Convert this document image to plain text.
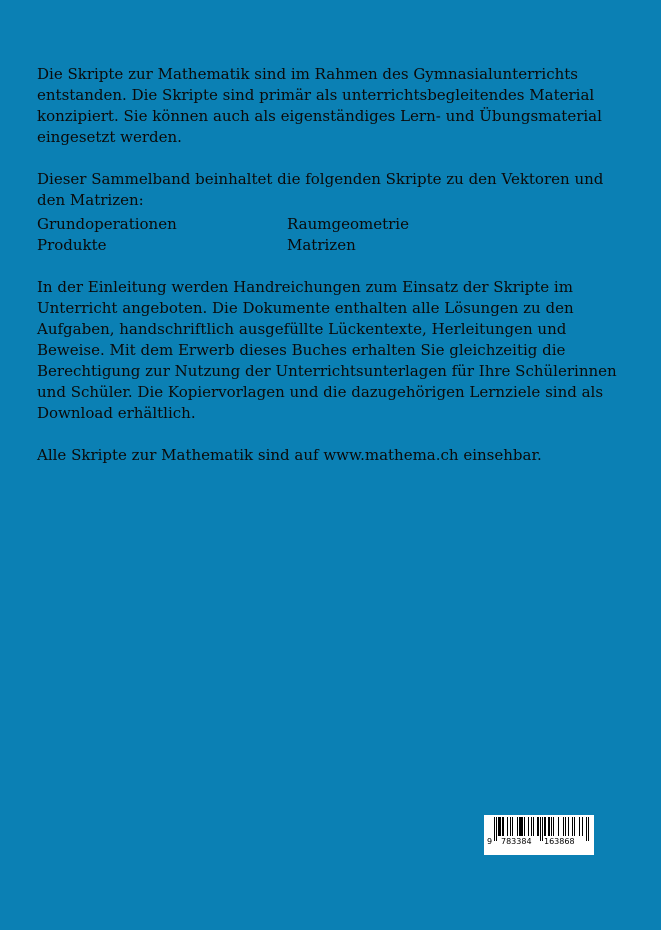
Die Skripte zur Mathematik sind im Rahmen des Gymnasialunterrichts entstanden. Die Skripte sind primär als unterrichtsbegleitendes Material konzipiert. Sie können auch als eigenständiges Lern- und Übungsmaterial eingesetzt werden.

Dieser Sammelband beinhaltet die folgenden Skripte zu den Vektoren und den Matrizen:

Grundoperationen	Raumgeometrie
Produkte	Matrizen

In der Einleitung werden Handreichungen zum Einsatz der Skripte im Unterricht angeboten. Die Dokumente enthalten alle Lösungen zu den Aufgaben, handschriftlich ausgefüllte Lückentexte, Herleitungen und Beweise. Mit dem Erwerb dieses Buches erhalten Sie gleichzeitig die Berechtigung zur Nutzung der Unterrichtsunterlagen für Ihre Schülerinnen und Schüler. Die Kopiervorlagen und die dazugehörigen Lernziele sind als Download erhältlich.

Alle Skripte zur Mathematik sind auf www.mathema.ch einsehbar.

9 783384 163868
